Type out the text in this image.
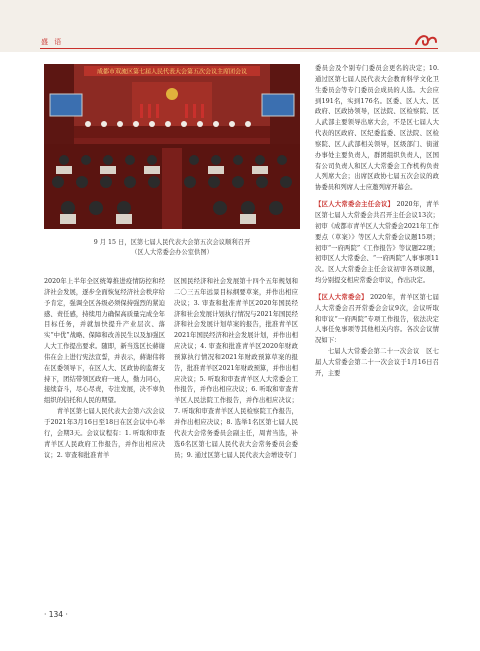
盛 语
成都市双流区第七届人民代表大会第五次会议主席团会议
9 月 15 日，区第七届人民代表大会第五次会议顺利召开
（区人大常委会办公室供图）

2020年上半年全区统筹推进疫情防控和经济社会发展，逐步全面恢复经济社会秩序给予肯定，强调全区各级必须保持强烈的紧迫感、责任感，持续用力确保高质量完成全年目标任务，并就加快提升产业层次、落实“中优”战略、保障和改善民生以及加强区人大工作提出要求。随即，新当选区长蔣谢伟在会上进行宪法宣誓，并表示，蔣谢伟将在区委领导下，在区人大、区政协的监督支持下，团结带领区政府一班人，勤力同心，接续奋斗，尽心尽责，专注发展，决不辜负组织的信托和人民的期望。

青羊区第七届人民代表大会第六次会议于2021年3月16日至18日在区会议中心举行，会期3天。会议议程有：1. 听取和审查青羊区人民政府工作报告，并作出相应决议；2. 审查和批准青羊

区国民经济和社会发展第十四个五年规划和二〇三五年远景目标纲要草案，并作出相应决议；3. 审查和批准青羊区2020年国民经济和社会发展计划执行情况与2021年国民经济和社会发展计划草案的报告，批准青羊区2021年国民经济和社会发展计划，并作出相应决议；4. 审查和批准青羊区2020年财政预算执行情况和2021年财政预算草案的报告，批准青羊区2021年财政预算，并作出相应决议；5. 听取和审查青羊区人大常委会工作报告，并作出相应决议；6. 听取和审查青羊区人民法院工作报告，并作出相应决议；7. 听取和审查青羊区人民检察院工作报告，并作出相应决议；8. 选举1名区第七届人民代表大会常务委员会副主任，周青当选，补选6名区第七届人民代表大会常务委员会委员；9. 通过区第七届人民代表大会增设专门

委员会及个别专门委员会更名的决定；10. 通过区第七届人民代表大会教育科学文化卫生委员会等专门委员会成员的人选。大会应到191名，实到176名。区委、区人大、区政府、区政协领导，区法院、区检察院、区人武部主要领导出席大会，不是区七届人大代表的区政府、区纪委监委、区法院、区检察院、区人武部相关领导，区级部门、街道办事处主要负责人，群团组织负责人，区国有公司负责人和区人大常委会工作机构负责人列席大会；出席区政协七届五次会议的政协委员和列席人士应邀列席开幕会。

【区人大常委会主任会议】 2020年，青羊区第七届人大常委会共召开主任会议13次；初审《成都市青羊区人大常委会2021年工作要点（草案）》等区人大常委会议题15项；初审“一府两院”《工作报告》等议题22项；初审区人大常委会、“一府两院”人事事项11次。区人大常委会主任会议初审各项议题，均分别提交相应常委会审议，作出决定。

【区人大常委会】 2020年，青羊区第七届人大常委会召开常委会会议9次，会议听取和审议“一府两院”专项工作报告，依法决定人事任免事项等其他相关内容。各次会议情况如下：

七届人大常委会第二十一次会议　区七届人大常委会第二十一次会议于1月16日召开，主要

· 134 ·
